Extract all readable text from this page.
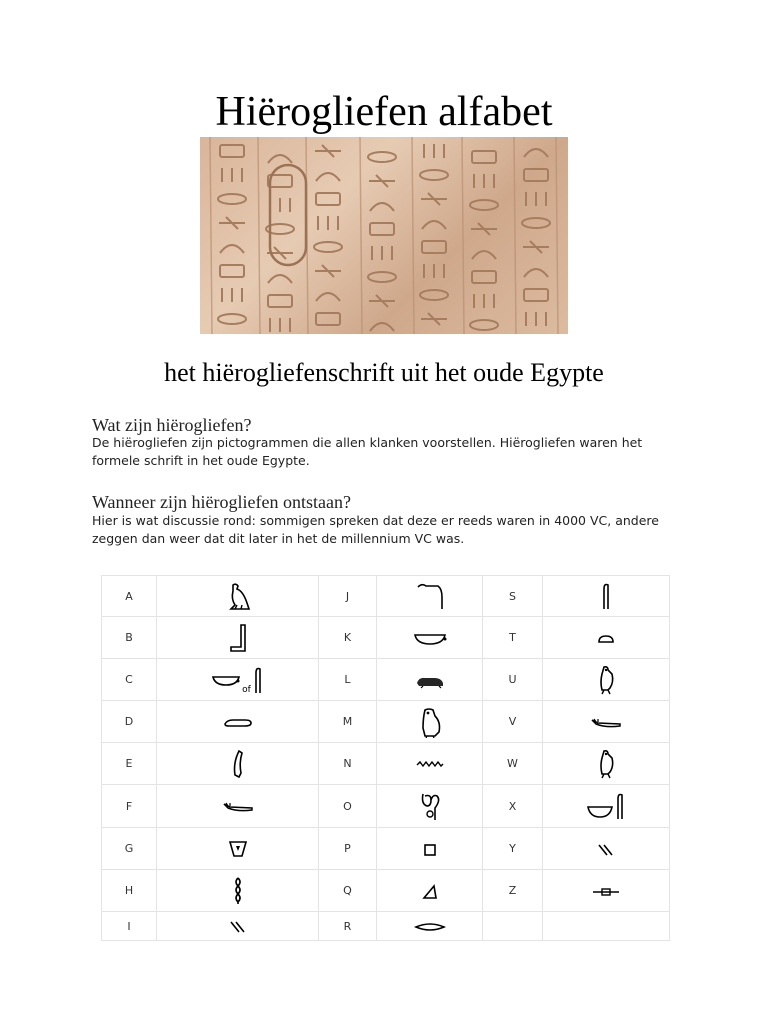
Hiërogliefen alfabet
het hiërogliefenschrift uit het oude Egypte
Wat zijn hiërogliefen?
De hiërogliefen zijn pictogrammen die allen klanken voorstellen. Hiërogliefen waren het formele schrift in het oude Egypte.
Wanneer zijn hiërogliefen ontstaan?
Hier is wat discussie rond: sommigen spreken dat deze er reeds waren in 4000 VC, andere zeggen dan weer dat dit later in het de millennium VC was.
A		J		S	
B		K		T	
C	of	L		U	
D		M		V	
E		N		W	
F		O		X	
G		P		Y	
H		Q		Z	
I		R			
